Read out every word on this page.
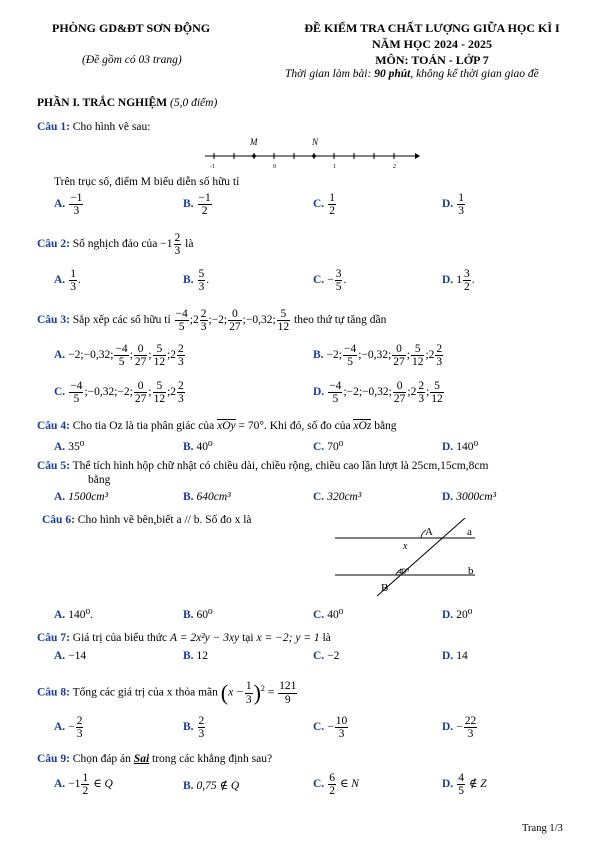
PHÒNG GD&ĐT SƠN ĐỘNG
(Đề gồm có 03 trang)
ĐỀ KIỂM TRA CHẤT LƯỢNG GIỮA HỌC KÌ I
NĂM HỌC 2024 - 2025
MÔN: TOÁN - LỚP 7
Thời gian làm bài: 90 phút, không kể thời gian giao đề
PHẦN I. TRẮC NGHIỆM (5,0 điểm)
Câu 1: Cho hình vẽ sau:
M	N
-1	0	1	2
Trên trục số, điểm M biểu diễn số hữu tỉ
A. $\frac{-1}{3}$	B. $\frac{-1}{2}$	C. $\frac{1}{2}$	D. $\frac{1}{3}$
Câu 2: Số nghịch đảo của $-1 \frac{2}{3}$ là
A. $\frac{1}{3}$ .	B. $\frac{5}{3}$ .	C. − $\frac{3}{5}$ .	D. $1 \frac{3}{2}$ .
Câu 3: Sắp xếp các số hữu tỉ $\frac{-4}{5}$ ;2 $\frac{2}{3}$ ;−2; $\frac{0}{27}$ ;−0,32; $\frac{5}{12}$ theo thứ tự tăng dần
A. −2;−0,32; $\frac{-4}{5}$ ; $\frac{0}{27}$ ; $\frac{5}{12}$ ;2 $\frac{2}{3}$	B. −2; $\frac{-4}{5}$ ;−0,32; $\frac{0}{27}$ ; $\frac{5}{12}$ ;2 $\frac{2}{3}$
C. $\frac{-4}{5}$ ;−0,32;−2; $\frac{0}{27}$ ; $\frac{5}{12}$ ;2 $\frac{2}{3}$	D. $\frac{-4}{5}$ ;−2;−0,32; $\frac{0}{27}$ ;2 $\frac{2}{3}$ ; $\frac{5}{12}$
Câu 4: Cho tia Oz là tia phân giác của xOy = 70°. Khi đó, số đo của xOz bằng
A. 35⁰	B. 40⁰	C. 70⁰	D. 140⁰
Câu 5: Thể tích hình hộp chữ nhật có chiều dài, chiều rộng, chiều cao lần lượt là 25cm,15cm,8cm
bằng
A. 1500cm³	B. 640cm³	C. 320cm³	D. 3000cm³
Câu 6: Cho hình vẽ bên,biết a // b. Số đo x là
A	a
x
40⁰	b
B
A. 140⁰.	B. 60⁰	C. 40⁰	D. 20⁰
Câu 7: Giá trị của biểu thức A = 2x²y − 3xy tại x = −2; y = 1 là
A. −14	B. 12	C. −2	D. 14
Câu 8: Tổng các giá trị của x thỏa mãn $(x - \frac{1}{3} )^2 = \frac{121}{9}$
A. − $\frac{2}{3}$	B. $\frac{2}{3}$	C. − $\frac{10}{3}$	D. − $\frac{22}{3}$
Câu 9: Chọn đáp án Sai trong các khẳng định sau?
A. $-1 \frac{1}{2}$ ∈ Q	B. 0,75 ∉ Q	C. $\frac{6}{2}$ ∈ N	D. $\frac{4}{5}$ ∉ Z
Trang 1/3
